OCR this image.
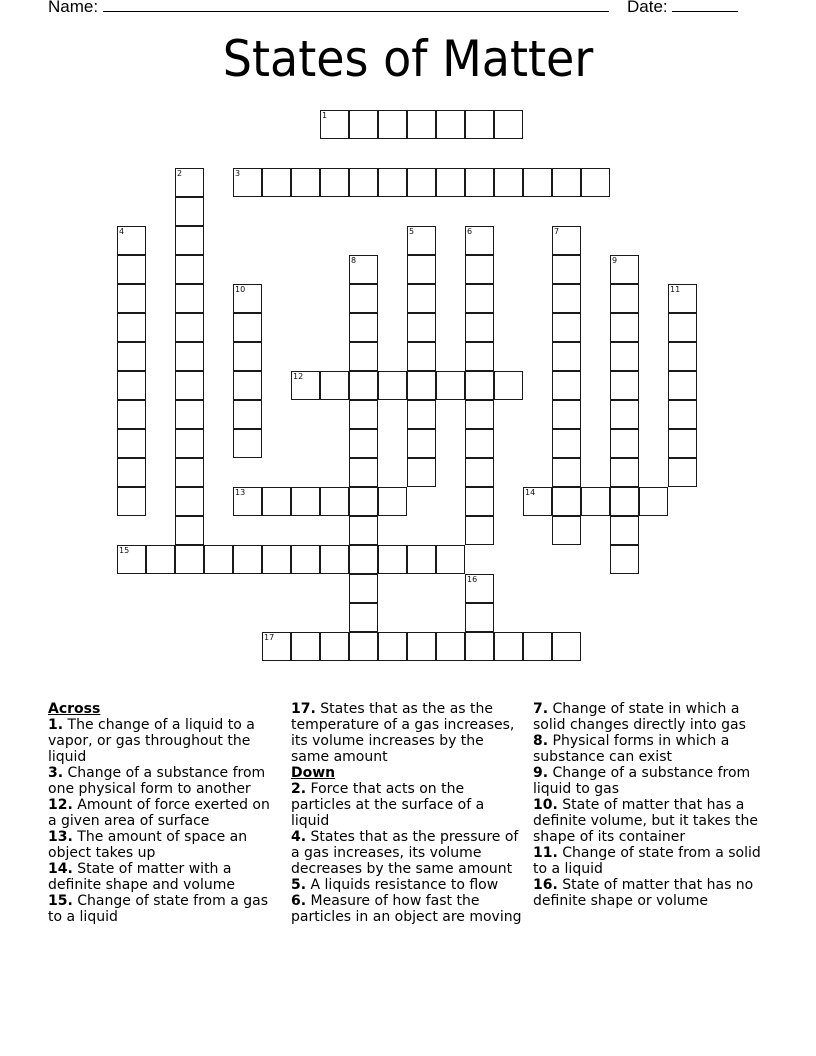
Name:	Date:
States of Matter
1
3
12
13	14
15
17
2
4	5	6	7
8	9
10	11
16
Across

1. The change of a liquid to a vapor, or gas throughout the liquid

3. Change of a substance from one physical form to another

12. Amount of force exerted on a given area of surface

13. The amount of space an object takes up

14. State of matter with a definite shape and volume

15. Change of state from a gas to a liquid

17. States that as the as the temperature of a gas increases, its volume increases by the same amount

Down

2. Force that acts on the particles at the surface of a liquid

4. States that as the pressure of a gas increases, its volume decreases by the same amount

5. A liquids resistance to flow

6. Measure of how fast the particles in an object are moving

7. Change of state in which a solid changes directly into gas

8. Physical forms in which a substance can exist

9. Change of a substance from liquid to gas

10. State of matter that has a definite volume, but it takes the shape of its container

11. Change of state from a solid to a liquid

16. State of matter that has no definite shape or volume
